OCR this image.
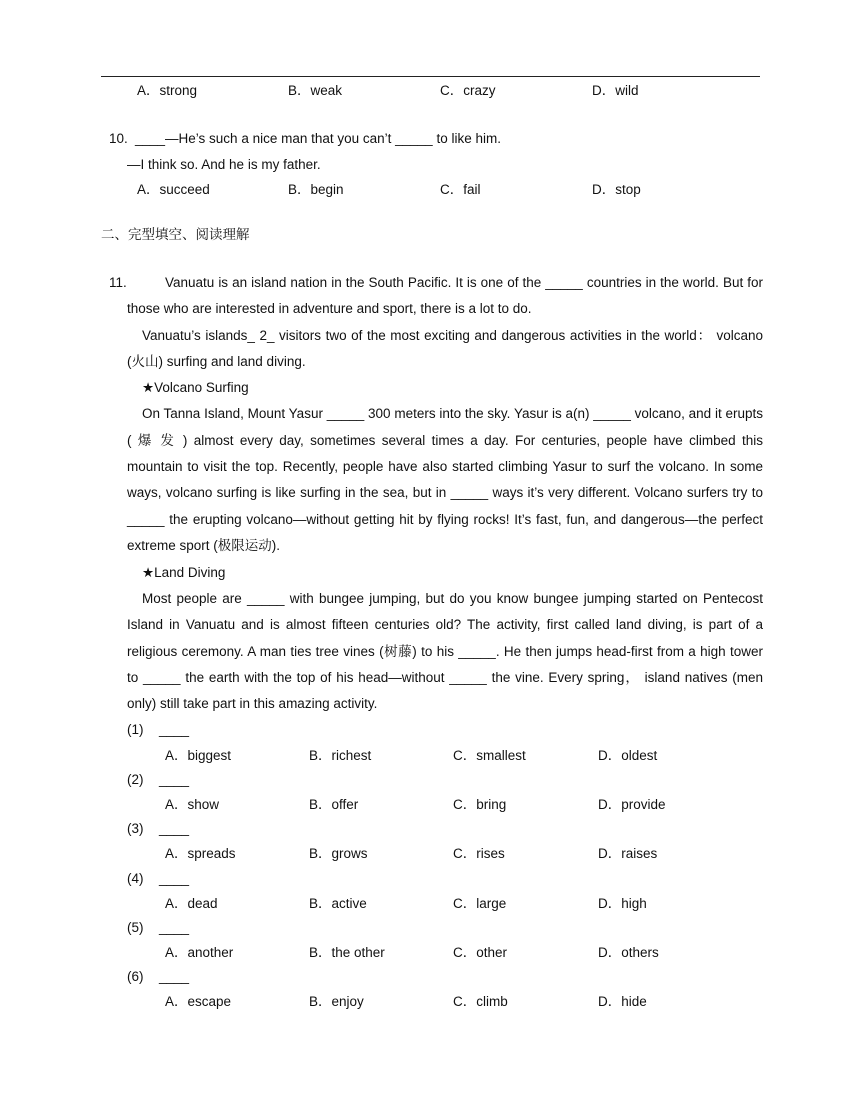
A．strong	B．weak	C．crazy	D．wild
10. ____—He’s such a nice man that you can’t _____ to like him.
—I think so. And he is my father.
A．succeed	B．begin	C．fail	D．stop
二、完型填空、阅读理解
11.	Vanuatu is an island nation in the South Pacific. It is one of the _____ countries in the world. But for
those who are interested in adventure and sport, there is a lot to do.
Vanuatu’s islands_ 2_ visitors two of the most exciting and dangerous activities in the world： volcano
(火山) surfing and land diving.
★Volcano Surfing
On Tanna Island, Mount Yasur _____ 300 meters into the sky. Yasur is a(n) _____ volcano, and it erupts
( 爆 发 ) almost every day, sometimes several times a day. For centuries, people have climbed this
mountain to visit the top. Recently, people have also started climbing Yasur to surf the volcano. In some
ways, volcano surfing is like surfing in the sea, but in _____ ways it’s very different. Volcano surfers try to
_____ the erupting volcano—without getting hit by flying rocks! It’s fast, fun, and dangerous—the perfect
extreme sport (极限运动).
★Land Diving
Most people are _____ with bungee jumping, but do you know bungee jumping started on Pentecost
Island in Vanuatu and is almost fifteen centuries old? The activity, first called land diving, is part of a
religious ceremony. A man ties tree vines (树藤) to his _____. He then jumps head-first from a high tower
to _____ the earth with the top of his head—without _____ the vine. Every spring， island natives (men
only) still take part in this amazing activity.
(1) ____
A．biggest	B．richest	C．smallest	D．oldest
(2) ____
A．show	B．offer	C．bring	D．provide
(3) ____
A．spreads	B．grows	C．rises	D．raises
(4) ____
A．dead	B．active	C．large	D．high
(5) ____
A．another	B．the other	C．other	D．others
(6) ____
A．escape	B．enjoy	C．climb	D．hide
